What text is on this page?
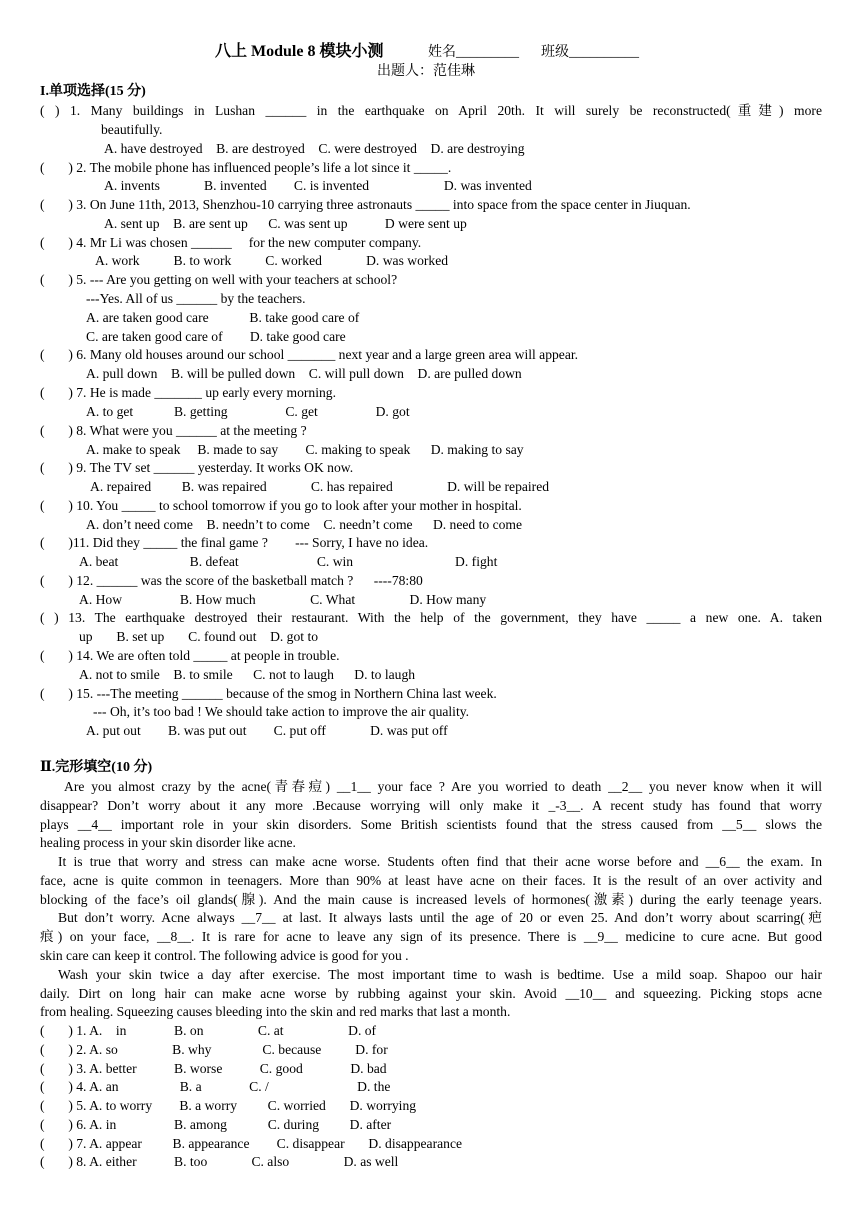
八上 Module 8 模块小测	姓名_________ 班级__________
出题人：范佳琳
I.单项选择(15 分)
( ) 1. Many buildings in Lushan ______ in the earthquake on April 20th. It will surely be reconstructed(重建) more
beautifully.
A. have destroyed    B. are destroyed    C. were destroyed    D. are destroying
(       ) 2. The mobile phone has influenced people’s life a lot since it _____.
A. invents             B. invented        C. is invented                      D. was invented
(       ) 3. On June 11th, 2013, Shenzhou-10 carrying three astronauts _____ into space from the space center in Jiuquan.
A. sent up    B. are sent up      C. was sent up           D were sent up
(       ) 4. Mr Li was chosen ______     for the new computer company.
A. work          B. to work          C. worked             D. was worked
(       ) 5. --- Are you getting on well with your teachers at school?
---Yes. All of us ______ by the teachers.
A. are taken good care            B. take good care of
C. are taken good care of        D. take good care
(       ) 6. Many old houses around our school _______ next year and a large green area will appear.
A. pull down    B. will be pulled down    C. will pull down    D. are pulled down
(       ) 7. He is made _______ up early every morning.
A. to get            B. getting                 C. get                 D. got
(       ) 8. What were you ______ at the meeting ?
A. make to speak     B. made to say        C. making to speak      D. making to say
(       ) 9. The TV set ______ yesterday. It works OK now.
A. repaired         B. was repaired             C. has repaired                D. will be repaired
(       ) 10. You _____ to school tomorrow if you go to look after your mother in hospital.
A. don’t need come    B. needn’t to come    C. needn’t come      D. need to come
(       )11. Did they _____ the final game ?        --- Sorry, I have no idea.
A. beat                     B. defeat                       C. win                              D. fight
(       ) 12. ______ was the score of the basketball match ?      ----78:80
A. How                 B. How much                C. What                D. How many
( ) 13. The earthquake destroyed their restaurant. With the help of the government, they have _____ a new one. A. taken
up       B. set up       C. found out    D. got to
(       ) 14. We are often told _____ at people in trouble.
A. not to smile    B. to smile      C. not to laugh      D. to laugh
(       ) 15. ---The meeting ______ because of the smog in Northern China last week.
--- Oh, it’s too bad ! We should take action to improve the air quality.
A. put out        B. was put out        C. put off             D. was put off
Ⅱ.完形填空(10 分)
Are you almost crazy by the acne(青春痘) __1__ your face ? Are you worried to death __2__ you never know when it will
disappear? Don’t worry about it any more .Because worrying will only make it _-3__. A recent study has found that worry
plays __4__ important role in your skin disorders. Some British scientists found that the stress caused from __5__ slows the
healing process in your skin disorder like acne.
It is true that worry and stress can make acne worse. Students often find that their acne worse before and __6__ the exam. In
face, acne is quite common in teenagers. More than 90% at least have acne on their faces. It is the result of an over activity and
blocking of the face’s oil glands(腺). And the main cause is increased levels of hormones(激素) during the early teenage years.
But don’t worry. Acne always __7__ at last. It always lasts until the age of 20 or even 25. And don’t worry about scarring(疤
痕) on your face, __8__. It is rare for acne to leave any sign of its presence. There is __9__ medicine to cure acne. But good
skin care can keep it control. The following advice is good for you .
Wash your skin twice a day after exercise. The most important time to wash is bedtime. Use a mild soap. Shapoo our hair
daily. Dirt on long hair can make acne worse by rubbing against your skin. Avoid __10__ and squeezing. Picking stops acne
from healing. Squeezing causes bleeding into the skin and red marks that last a month.
(       ) 1. A.    in              B. on                C. at                   D. of
(       ) 2. A. so                B. why               C. because          D. for
(       ) 3. A. better           B. worse           C. good              D. bad
(       ) 4. A. an                  B. a              C. /                          D. the
(       ) 5. A. to worry        B. a worry         C. worried       D. worrying
(       ) 6. A. in                 B. among            C. during         D. after
(       ) 7. A. appear         B. appearance        C. disappear       D. disappearance
(       ) 8. A. either           B. too             C. also                D. as well
